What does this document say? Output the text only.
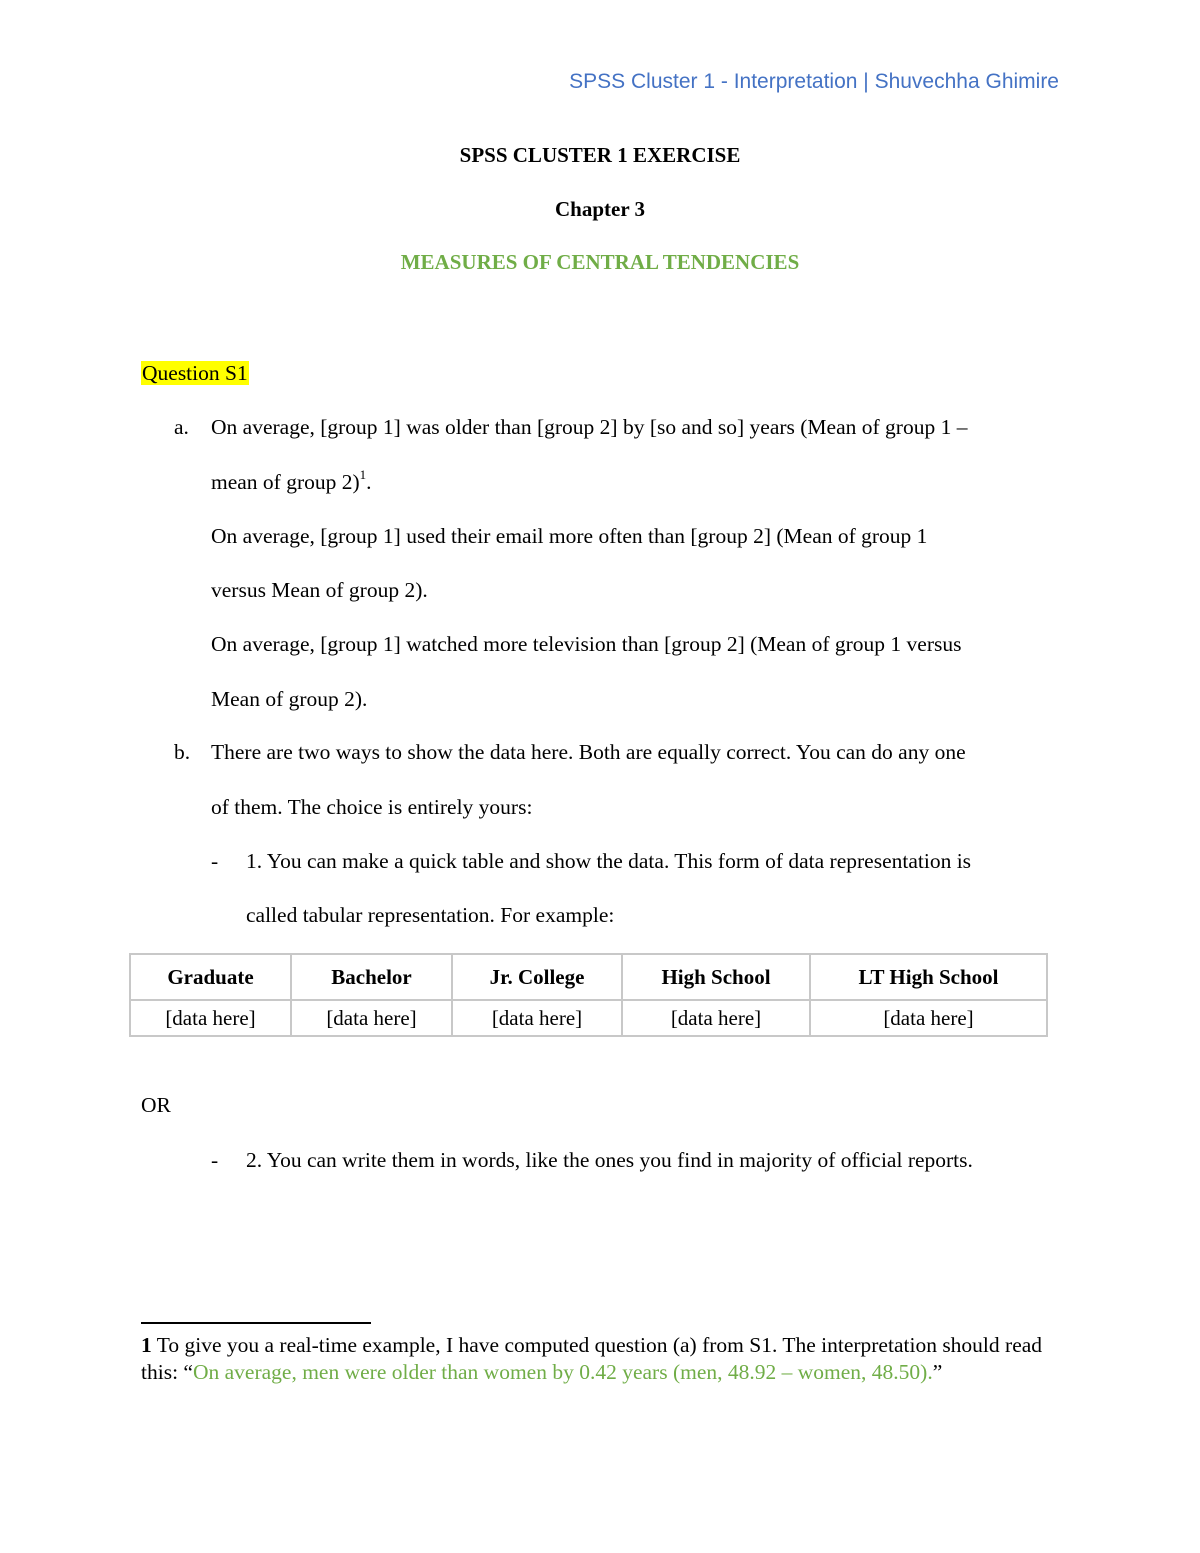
SPSS Cluster 1 - Interpretation | Shuvechha Ghimire
SPSS CLUSTER 1 EXERCISE
Chapter 3
MEASURES OF CENTRAL TENDENCIES
Question S1
a. On average, [group 1] was older than [group 2] by [so and so] years (Mean of group 1 –
mean of group 2)$^1$.
On average, [group 1] used their email more often than [group 2] (Mean of group 1
versus Mean of group 2).
On average, [group 1] watched more television than [group 2] (Mean of group 1 versus
Mean of group 2).
b. There are two ways to show the data here. Both are equally correct. You can do any one
of them. The choice is entirely yours:
- 1. You can make a quick table and show the data. This form of data representation is
called tabular representation. For example:
Graduate	Bachelor	Jr. College	High School	LT High School
[data here]	[data here]	[data here]	[data here]	[data here]
OR
- 2. You can write them in words, like the ones you find in majority of official reports.
1 To give you a real-time example, I have computed question (a) from S1. The interpretation should read this: “On average, men were older than women by 0.42 years (men, 48.92 – women, 48.50).”
